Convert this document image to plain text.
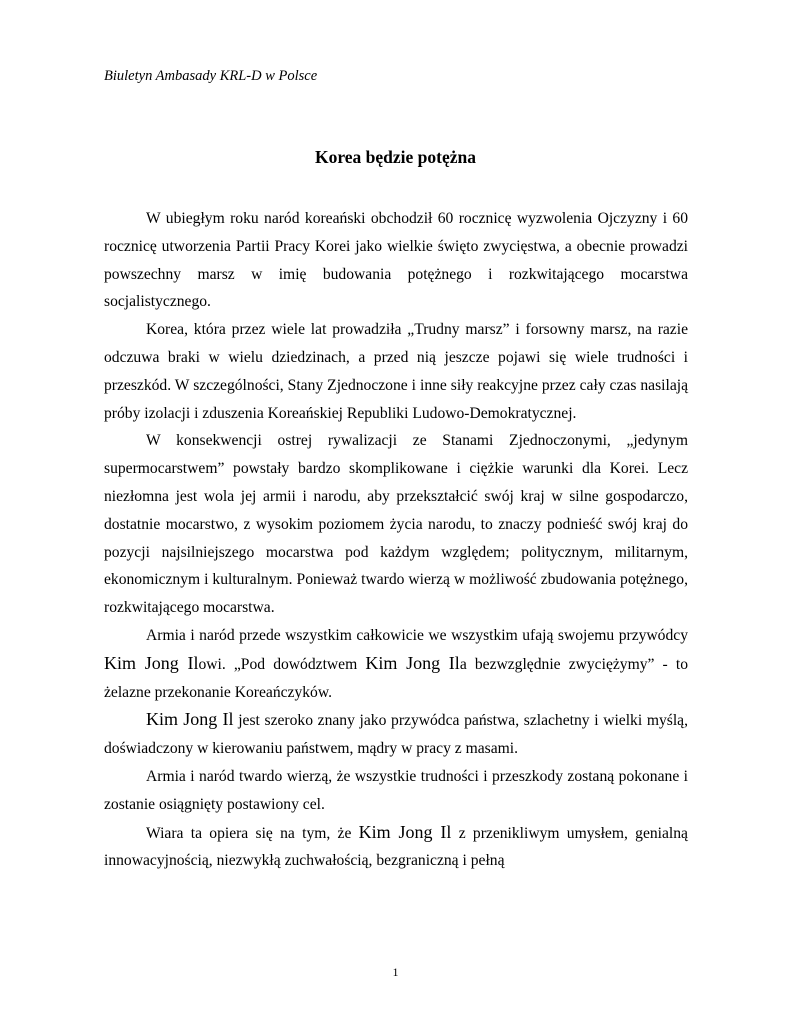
Biuletyn Ambasady KRL-D w Polsce
Korea będzie potężna

W ubiegłym roku naród koreański obchodził 60 rocznicę wyzwolenia Ojczyzny i 60 rocznicę utworzenia Partii Pracy Korei jako wielkie święto zwycięstwa, a obecnie prowadzi powszechny marsz w imię budowania potężnego i rozkwitającego mocarstwa socjalistycznego.

Korea, która przez wiele lat prowadziła „Trudny marsz” i forsowny marsz, na razie odczuwa braki w wielu dziedzinach, a przed nią jeszcze pojawi się wiele trudności i przeszkód. W szczególności, Stany Zjednoczone i inne siły reakcyjne przez cały czas nasilają próby izolacji i zduszenia Koreańskiej Republiki Ludowo-Demokratycznej.

W konsekwencji ostrej rywalizacji ze Stanami Zjednoczonymi, „jedynym supermocarstwem” powstały bardzo skomplikowane i ciężkie warunki dla Korei. Lecz niezłomna jest wola jej armii i narodu, aby przekształcić swój kraj w silne gospodarczo, dostatnie mocarstwo, z wysokim poziomem życia narodu, to znaczy podnieść swój kraj do pozycji najsilniejszego mocarstwa pod każdym względem; politycznym, militarnym, ekonomicznym i kulturalnym. Ponieważ twardo wierzą w możliwość zbudowania potężnego, rozkwitającego mocarstwa.

Armia i naród przede wszystkim całkowicie we wszystkim ufają swojemu przywódcy Kim Jong Ilowi. „Pod dowództwem Kim Jong Ila bezwzględnie zwyciężymy” - to żelazne przekonanie Koreańczyków.

Kim Jong Il jest szeroko znany jako przywódca państwa, szlachetny i wielki myślą, doświadczony w kierowaniu państwem, mądry w pracy z masami.

Armia i naród twardo wierzą, że wszystkie trudności i przeszkody zostaną pokonane i zostanie osiągnięty postawiony cel.

Wiara ta opiera się na tym, że Kim Jong Il z przenikliwym umysłem, genialną innowacyjnością, niezwykłą zuchwałością, bezgraniczną i pełną

1
